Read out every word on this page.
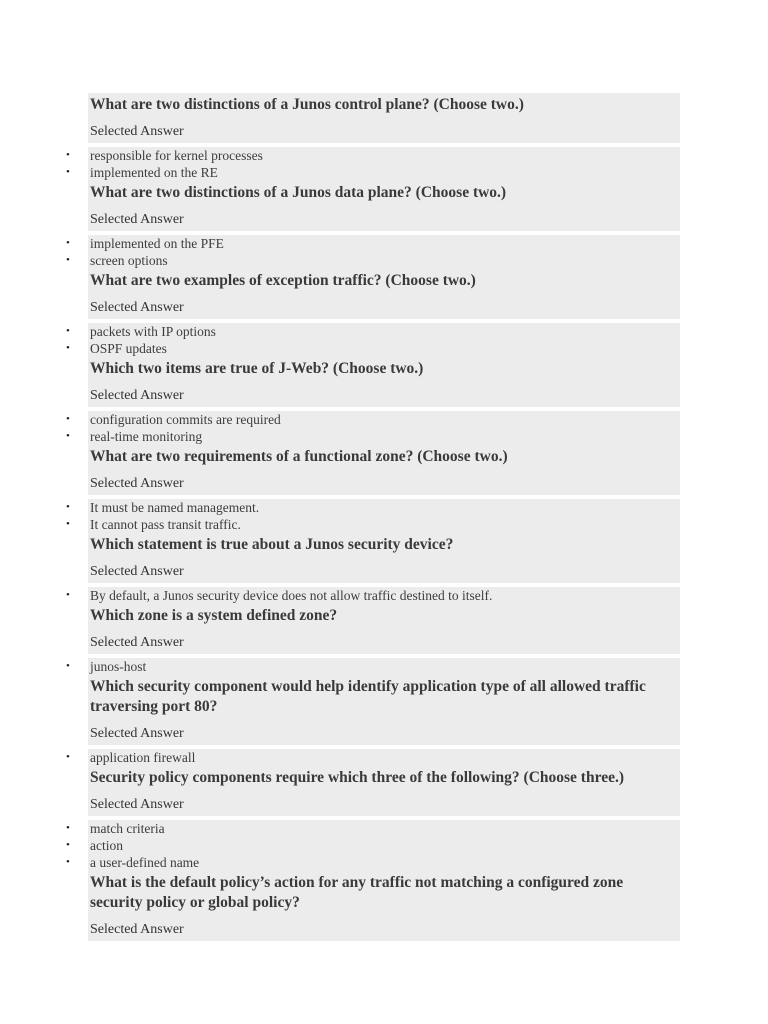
What are two distinctions of a Junos control plane? (Choose two.)
Selected Answer
• responsible for kernel processes
• implemented on the RE
What are two distinctions of a Junos data plane? (Choose two.)
Selected Answer
• implemented on the PFE
• screen options
What are two examples of exception traffic? (Choose two.)
Selected Answer
• packets with IP options
• OSPF updates
Which two items are true of J-Web? (Choose two.)
Selected Answer
• configuration commits are required
• real-time monitoring
What are two requirements of a functional zone? (Choose two.)
Selected Answer
• It must be named management.
• It cannot pass transit traffic.
Which statement is true about a Junos security device?
Selected Answer
• By default, a Junos security device does not allow traffic destined to itself.
Which zone is a system defined zone?
Selected Answer
• junos-host
Which security component would help identify application type of all allowed traffic traversing port 80?
Selected Answer
• application firewall
Security policy components require which three of the following? (Choose three.)
Selected Answer
• match criteria
• action
• a user-defined name
What is the default policy’s action for any traffic not matching a configured zone security policy or global policy?
Selected Answer
